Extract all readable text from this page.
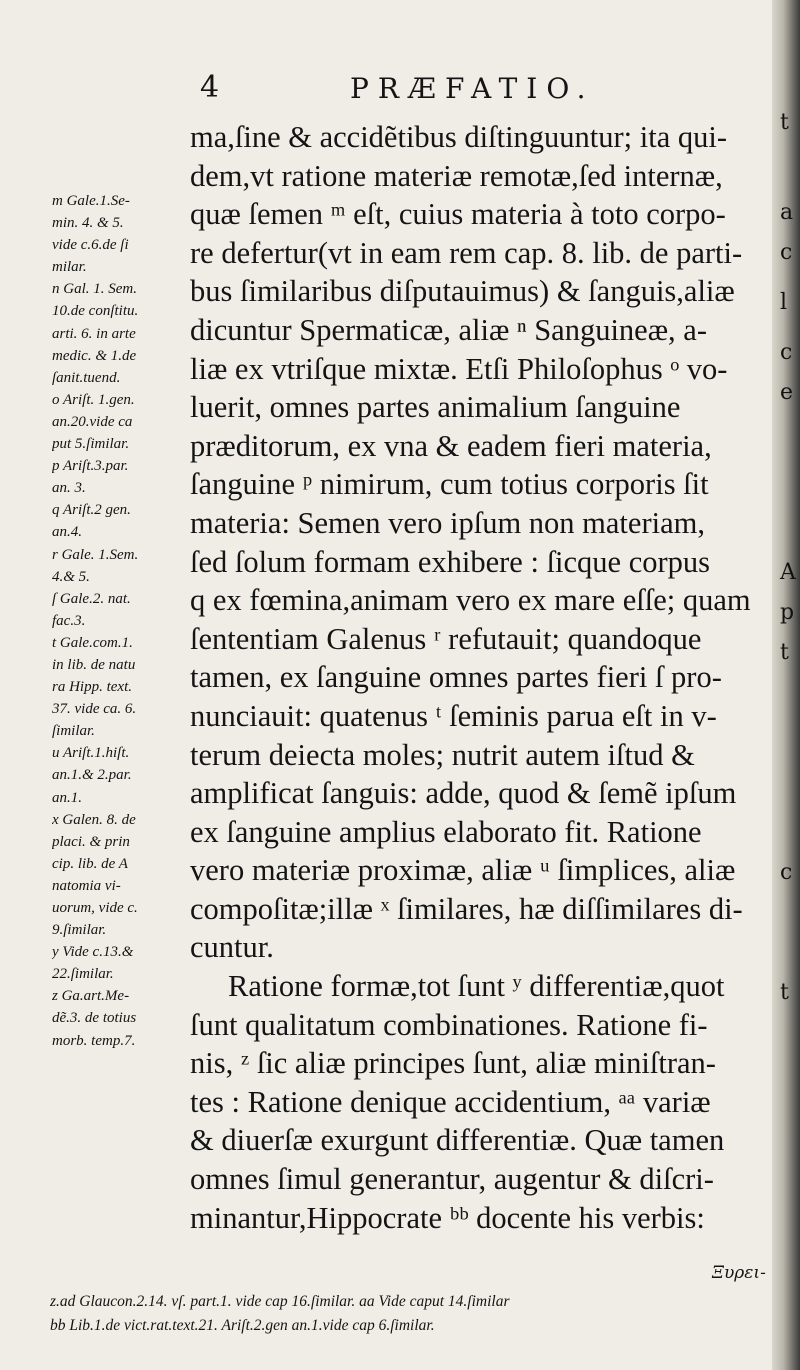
t
a
c
l
c
e
A
p
t
c
t
4	PRÆFATIO.
ma,ſine & accidẽtibus diſtinguuntur; ita qui-
dem,vt ratione materiæ remotæ,ſed internæ,
quæ ſemen ᵐ eſt, cuius materia à toto corpo-
re defertur(vt in eam rem cap. 8. lib. de parti-
bus ſimilaribus diſputauimus) & ſanguis,aliæ
dicuntur Spermaticæ, aliæ ⁿ Sanguineæ, a-
liæ ex vtriſque mixtæ. Etſi Philoſophus ᵒ vo-
luerit, omnes partes animalium ſanguine
præditorum, ex vna & eadem fieri materia,
ſanguine ᵖ nimirum, cum totius corporis ſit
materia: Semen vero ipſum non materiam,
ſed ſolum formam exhibere : ſicque corpus
q ex fœmina,animam vero ex mare eſſe; quam
ſententiam Galenus ʳ refutauit; quandoque
tamen, ex ſanguine omnes partes fieri ſ pro-
nunciauit: quatenus ᵗ ſeminis parua eſt in v-
terum deiecta moles; nutrit autem iſtud &
amplificat ſanguis: adde, quod & ſemẽ ipſum
ex ſanguine amplius elaborato fit. Ratione
vero materiæ proximæ, aliæ ᵘ ſimplices, aliæ
compoſitæ;illæ ˣ ſimilares, hæ diſſimilares di-
cuntur.
Ratione formæ,tot ſunt ʸ differentiæ,quot
ſunt qualitatum combinationes. Ratione fi-
nis, ᶻ ſic aliæ principes ſunt, aliæ miniſtran-
tes : Ratione denique accidentium, ᵃᵃ variæ
& diuerſæ exurgunt differentiæ. Quæ tamen
omnes ſimul generantur, augentur & diſcri-
minantur,Hippocrate ᵇᵇ docente his verbis:
m Gale.1.Se-
min. 4. & 5.
vide c.6.de ſi
milar.
n Gal. 1. Sem.
10.de conſtitu.
arti. 6. in arte
medic. & 1.de
ſanit.tuend.
o Ariſt. 1.gen.
an.20.vide ca
put 5.ſimilar.
p Ariſt.3.par.
an. 3.
q Ariſt.2 gen.
an.4.
r Gale. 1.Sem.
4.& 5.
ſ Gale.2. nat.
fac.3.
t Gale.com.1.
in lib. de natu
ra Hipp. text.
37. vide ca. 6.
ſimilar.
u Ariſt.1.hiſt.
an.1.& 2.par.
an.1.
x Galen. 8. de
placi. & prin
cip. lib. de A
natomia vi-
uorum, vide c.
9.ſimilar.
y Vide c.13.&
22.ſimilar.
z Ga.art.Me-
dẽ.3. de totius
morb. temp.7.
Ξυρει-
z.ad Glaucon.2.14. vſ. part.1. vide cap 16.ſimilar. aa Vide caput 14.ſimilar
bb Lib.1.de vict.rat.text.21. Ariſt.2.gen an.1.vide cap 6.ſimilar.
